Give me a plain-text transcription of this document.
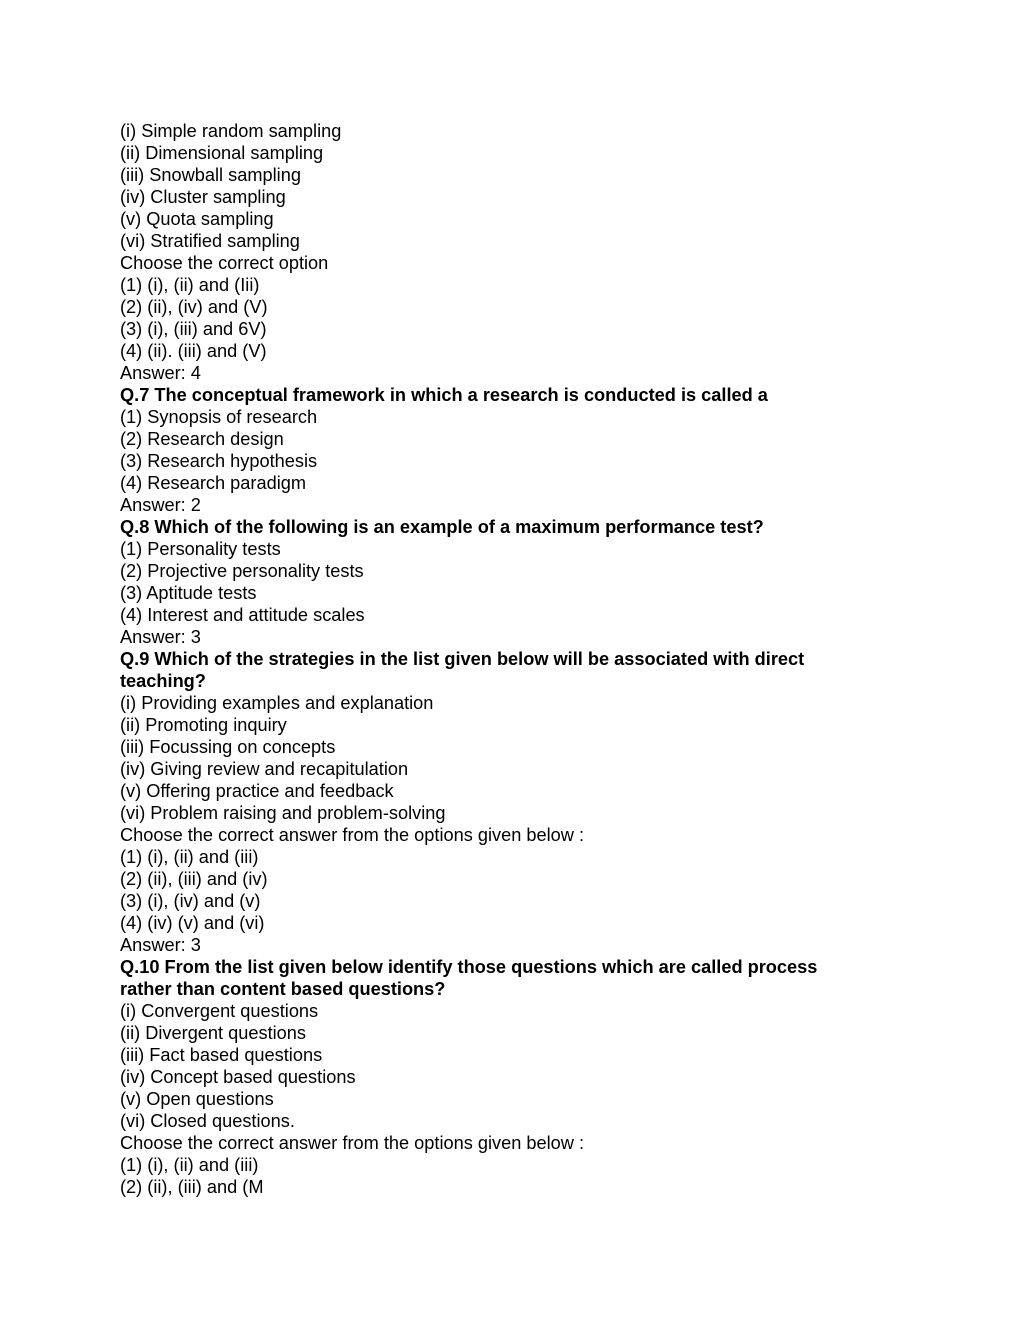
(i) Simple random sampling
(ii) Dimensional sampling
(iii) Snowball sampling
(iv) Cluster sampling
(v) Quota sampling
(vi) Stratified sampling
Choose the correct option
(1) (i), (ii) and (Iii)
(2) (ii), (iv) and (V)
(3) (i), (iii) and 6V)
(4) (ii). (iii) and (V)
Answer: 4
Q.7 The conceptual framework in which a research is conducted is called a
(1) Synopsis of research
(2) Research design
(3) Research hypothesis
(4) Research paradigm
Answer: 2
Q.8 Which of the following is an example of a maximum performance test?
(1) Personality tests
(2) Projective personality tests
(3) Aptitude tests
(4) Interest and attitude scales
Answer: 3
Q.9 Which of the strategies in the list given below will be associated with direct teaching?
(i) Providing examples and explanation
(ii) Promoting inquiry
(iii) Focussing on concepts
(iv) Giving review and recapitulation
(v) Offering practice and feedback
(vi) Problem raising and problem-solving
Choose the correct answer from the options given below :
(1) (i), (ii) and (iii)
(2) (ii), (iii) and (iv)
(3) (i), (iv) and (v)
(4) (iv) (v) and (vi)
Answer: 3
Q.10 From the list given below identify those questions which are called process rather than content based questions?
(i) Convergent questions
(ii) Divergent questions
(iii) Fact based questions
(iv) Concept based questions
(v) Open questions
(vi) Closed questions.
Choose the correct answer from the options given below :
(1) (i), (ii) and (iii)
(2) (ii), (iii) and (M
